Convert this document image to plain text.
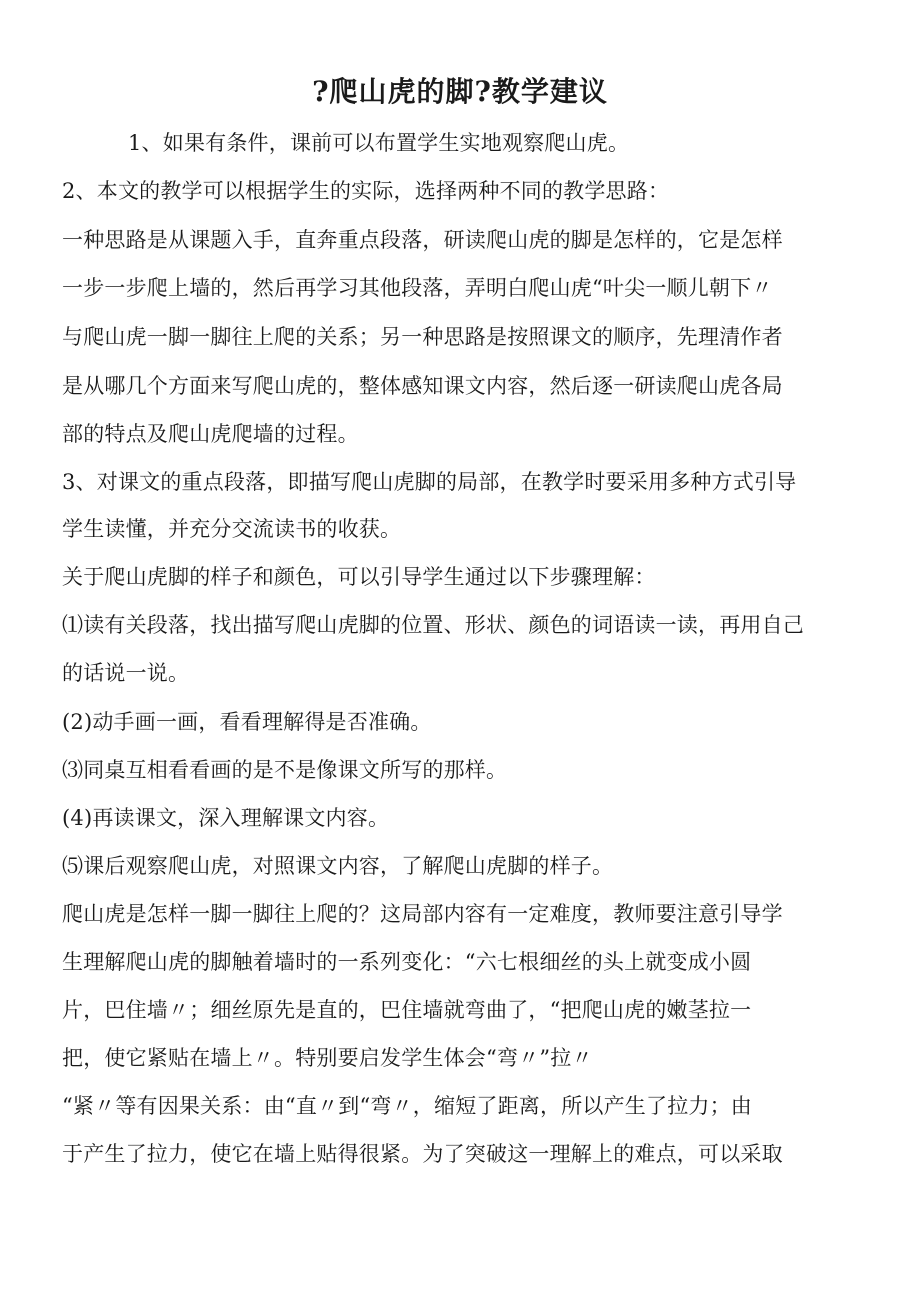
?爬山虎的脚?教学建议
1、如果有条件，课前可以布置学生实地观察爬山虎。
2、本文的教学可以根据学生的实际，选择两种不同的教学思路：
一种思路是从课题入手，直奔重点段落，研读爬山虎的脚是怎样的，它是怎样
一步一步爬上墙的，然后再学习其他段落，弄明白爬山虎“叶尖一顺儿朝下〃
与爬山虎一脚一脚往上爬的关系；另一种思路是按照课文的顺序，先理清作者
是从哪几个方面来写爬山虎的，整体感知课文内容，然后逐一研读爬山虎各局
部的特点及爬山虎爬墙的过程。
3、对课文的重点段落，即描写爬山虎脚的局部，在教学时要采用多种方式引导
学生读懂，并充分交流读书的收获。
关于爬山虎脚的样子和颜色，可以引导学生通过以下步骤理解：
⑴读有关段落，找出描写爬山虎脚的位置、形状、颜色的词语读一读，再用自己
的话说一说。
(2)动手画一画，看看理解得是否准确。
⑶同桌互相看看画的是不是像课文所写的那样。
(4)再读课文，深入理解课文内容。
⑸课后观察爬山虎，对照课文内容，了解爬山虎脚的样子。
爬山虎是怎样一脚一脚往上爬的？这局部内容有一定难度，教师要注意引导学
生理解爬山虎的脚触着墙时的一系列变化：“六七根细丝的头上就变成小圆
片，巴住墙〃；细丝原先是直的，巴住墙就弯曲了，“把爬山虎的嫩茎拉一
把，使它紧贴在墙上〃。特别要启发学生体会“弯〃”拉〃
“紧〃等有因果关系：由“直〃到“弯〃，缩短了距离，所以产生了拉力；由
于产生了拉力，使它在墙上贴得很紧。为了突破这一理解上的难点，可以采取
